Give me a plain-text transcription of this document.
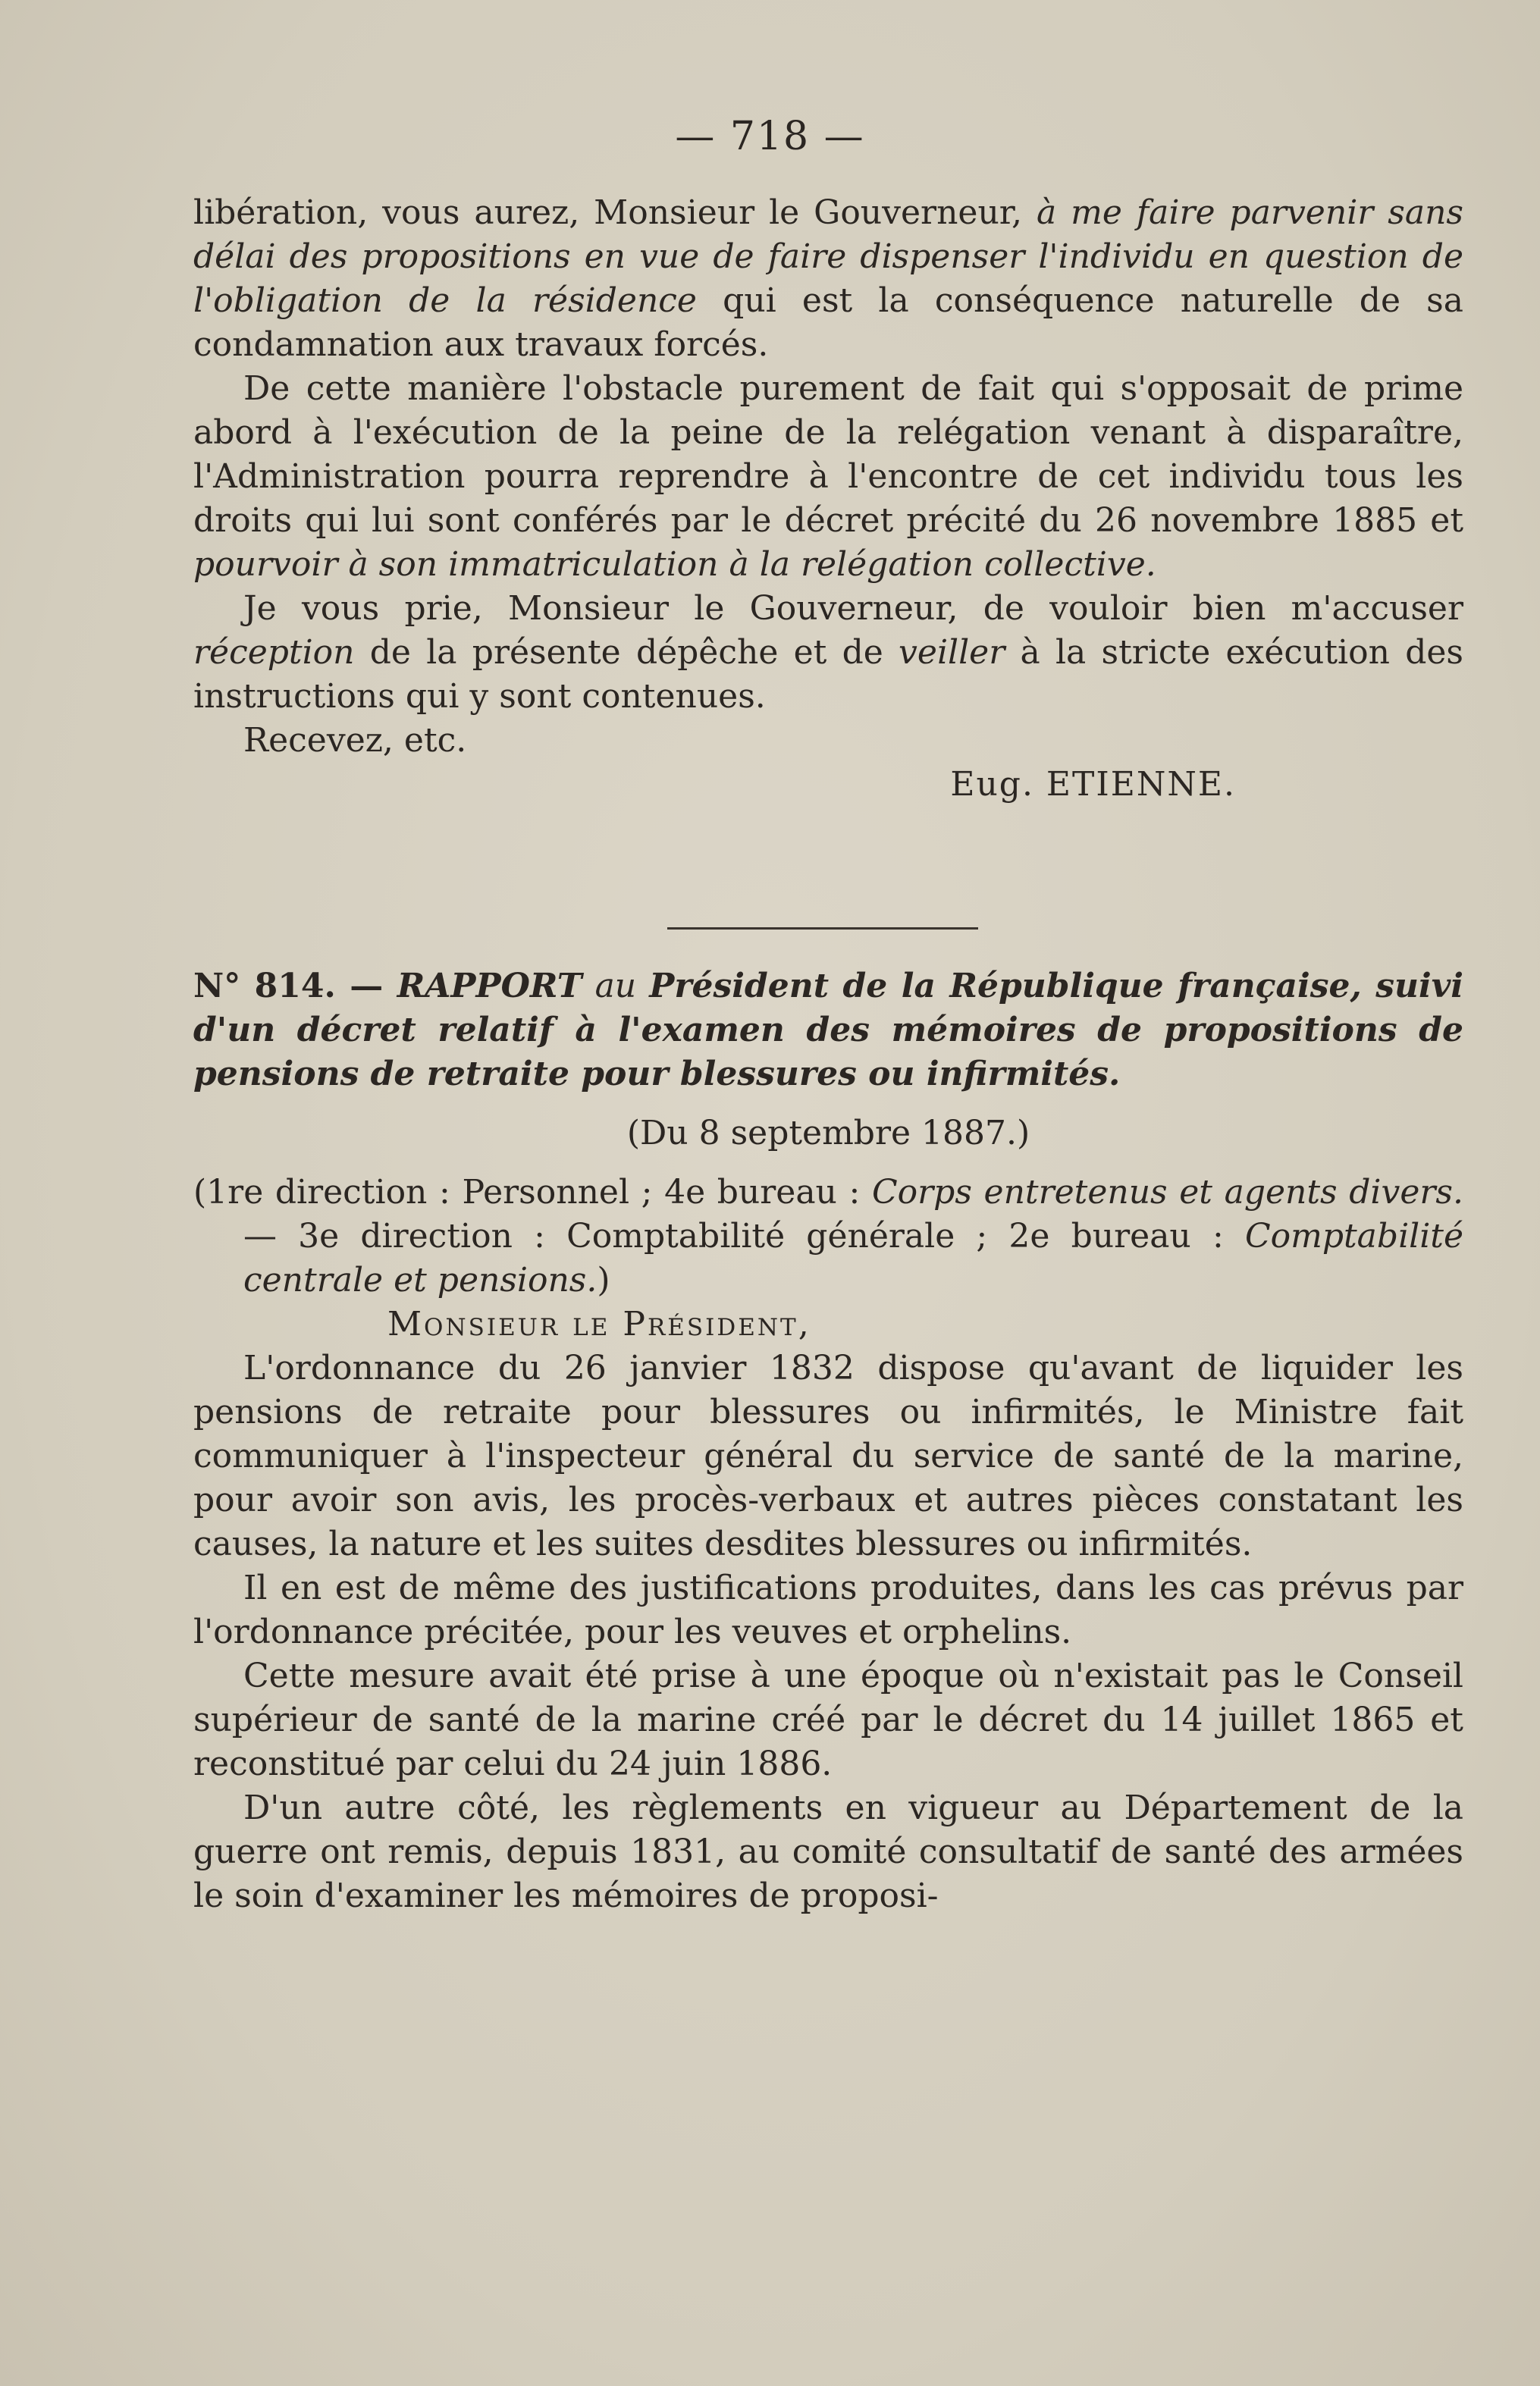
— 718 —

libération, vous aurez, Monsieur le Gouverneur, à me faire parvenir sans délai des propositions en vue de faire dispenser l'individu en question de l'obligation de la résidence qui est la conséquence naturelle de sa condamnation aux travaux forcés.

De cette manière l'obstacle purement de fait qui s'opposait de prime abord à l'exécution de la peine de la relégation venant à disparaître, l'Administration pourra reprendre à l'encontre de cet individu tous les droits qui lui sont conférés par le décret précité du 26 novembre 1885 et pourvoir à son immatriculation à la relégation collective.

Je vous prie, Monsieur le Gouverneur, de vouloir bien m'accuser réception de la présente dépêche et de veiller à la stricte exécution des instructions qui y sont contenues.

Recevez, etc.

Eug. ETIENNE.

N° 814. — RAPPORT au Président de la République française, suivi d'un décret relatif à l'examen des mémoires de propositions de pensions de retraite pour blessures ou infirmités.

(Du 8 septembre 1887.)

(1re direction : Personnel ; 4e bureau : Corps entretenus et agents divers. — 3e direction : Comptabilité générale ; 2e bureau : Comptabilité centrale et pensions.)

Monsieur le Président,

L'ordonnance du 26 janvier 1832 dispose qu'avant de liquider les pensions de retraite pour blessures ou infirmités, le Ministre fait communiquer à l'inspecteur général du service de santé de la marine, pour avoir son avis, les procès-verbaux et autres pièces constatant les causes, la nature et les suites desdites blessures ou infirmités.

Il en est de même des justifications produites, dans les cas prévus par l'ordonnance précitée, pour les veuves et orphelins.

Cette mesure avait été prise à une époque où n'existait pas le Conseil supérieur de santé de la marine créé par le décret du 14 juillet 1865 et reconstitué par celui du 24 juin 1886.

D'un autre côté, les règlements en vigueur au Département de la guerre ont remis, depuis 1831, au comité consultatif de santé des armées le soin d'examiner les mémoires de proposi-
